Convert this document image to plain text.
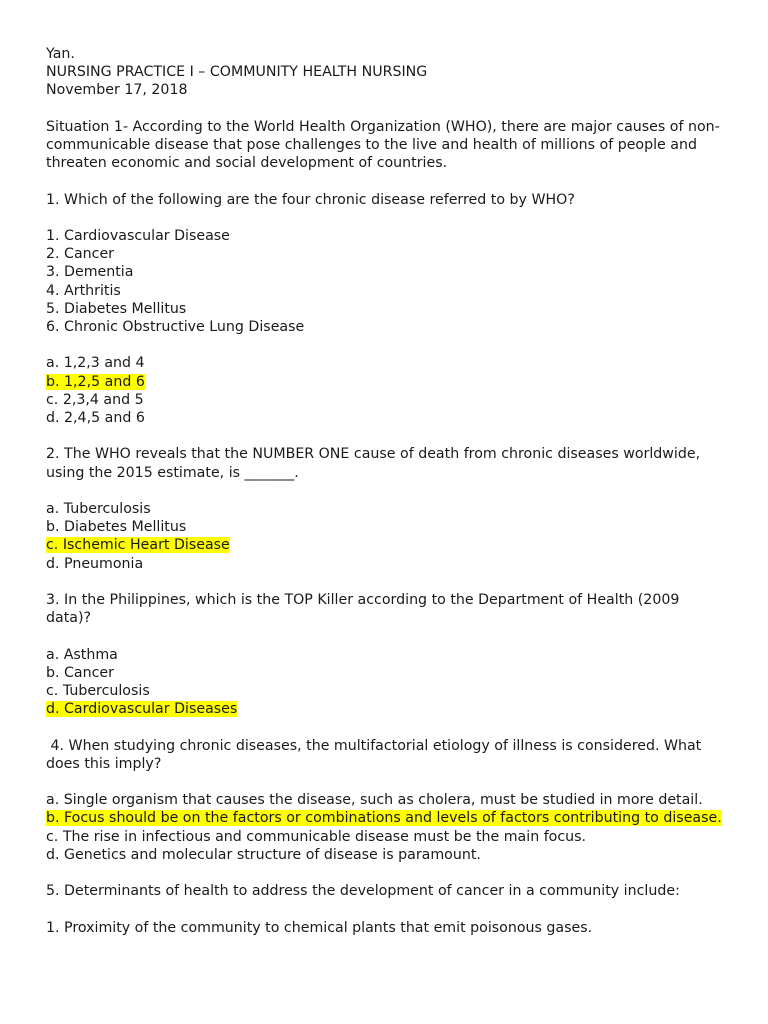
Yan.
NURSING PRACTICE I – COMMUNITY HEALTH NURSING
November 17, 2018
Situation 1- According to the World Health Organization (WHO), there are major causes of non- communicable disease that pose challenges to the live and health of millions of people and threaten economic and social development of countries.
1. Which of the following are the four chronic disease referred to by WHO?
1. Cardiovascular Disease
2. Cancer
3. Dementia
4. Arthritis
5. Diabetes Mellitus
6. Chronic Obstructive Lung Disease
a. 1,2,3 and 4
b. 1,2,5 and 6
c. 2,3,4 and 5
d. 2,4,5 and 6
2. The WHO reveals that the NUMBER ONE cause of death from chronic diseases worldwide, using the 2015 estimate, is _______.
a. Tuberculosis
b. Diabetes Mellitus
c. Ischemic Heart Disease
d. Pneumonia
3. In the Philippines, which is the TOP Killer according to the Department of Health (2009 data)?
a. Asthma
b. Cancer
c. Tuberculosis
d. Cardiovascular Diseases
4. When studying chronic diseases, the multifactorial etiology of illness is considered. What does this imply?
a. Single organism that causes the disease, such as cholera, must be studied in more detail.
b. Focus should be on the factors or combinations and levels of factors contributing to disease.
c. The rise in infectious and communicable disease must be the main focus.
d. Genetics and molecular structure of disease is paramount.
5. Determinants of health to address the development of cancer in a community include:
1. Proximity of the community to chemical plants that emit poisonous gases.
